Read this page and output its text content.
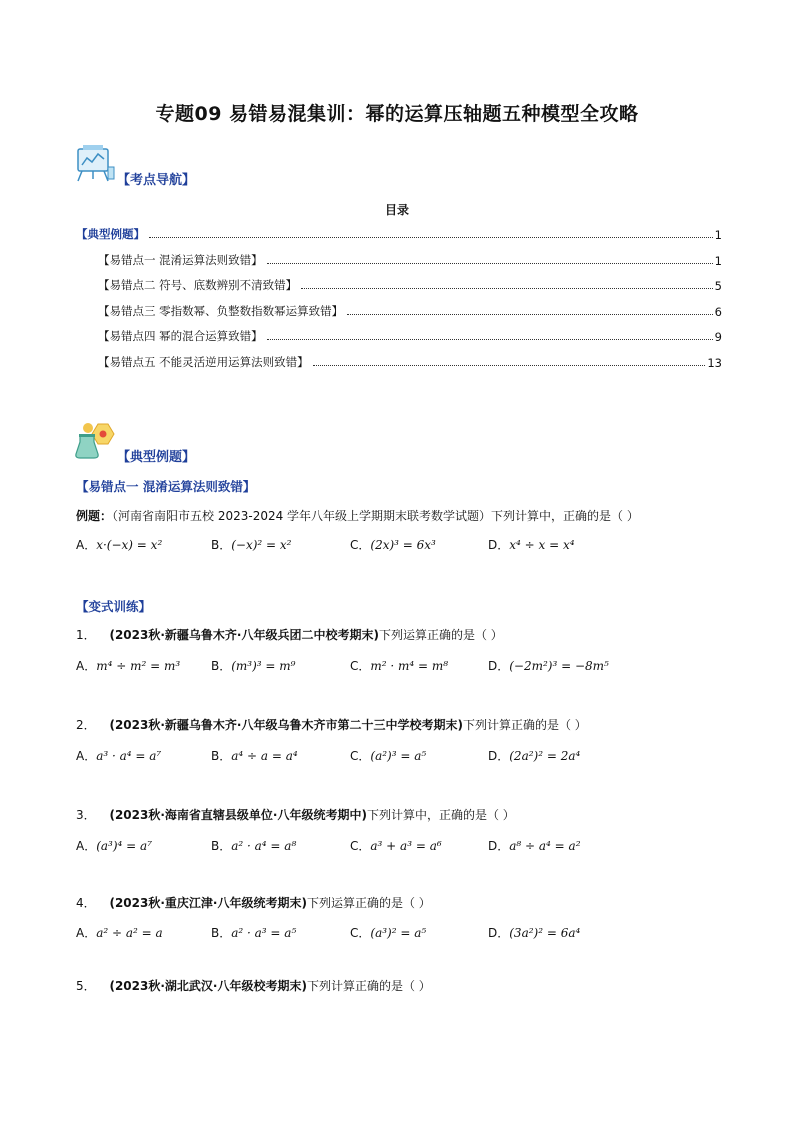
专题09 易错易混集训：幂的运算压轴题五种模型全攻略
【考点导航】
目录
【典型例题】	1
【易错点一 混淆运算法则致错】	1
【易错点二 符号、底数辨别不清致错】	5
【易错点三 零指数幂、负整数指数幂运算致错】	6
【易错点四 幂的混合运算致错】	9
【易错点五 不能灵活逆用运算法则致错】	13
【典型例题】
【易错点一 混淆运算法则致错】
例题：（河南省南阳市五校 2023-2024 学年八年级上学期期末联考数学试题）下列计算中，正确的是（ ）
A．x·(−x) = x²	B．(−x)² = x²	C．(2x)³ = 6x³	D．x⁴ ÷ x = x⁴
【变式训练】
1． (2023秋·新疆乌鲁木齐·八年级兵团二中校考期末)下列运算正确的是（ ）
A．m⁴ ÷ m² = m³	B．(m³)³ = m⁹	C．m² · m⁴ = m⁸	D．(−2m²)³ = −8m⁵
2． (2023秋·新疆乌鲁木齐·八年级乌鲁木齐市第二十三中学校考期末)下列计算正确的是（ ）
A．a³ · a⁴ = a⁷	B．a⁴ ÷ a = a⁴	C．(a²)³ = a⁵	D．(2a²)² = 2a⁴
3． (2023秋·海南省直辖县级单位·八年级统考期中)下列计算中，正确的是（ ）
A．(a³)⁴ = a⁷	B．a² · a⁴ = a⁸	C．a³ + a³ = a⁶	D．a⁸ ÷ a⁴ = a²
4． (2023秋·重庆江津·八年级统考期末)下列运算正确的是（ ）
A．a² ÷ a² = a	B．a² · a³ = a⁵	C．(a³)² = a⁵	D．(3a²)² = 6a⁴
5． (2023秋·湖北武汉·八年级校考期末)下列计算正确的是（ ）
